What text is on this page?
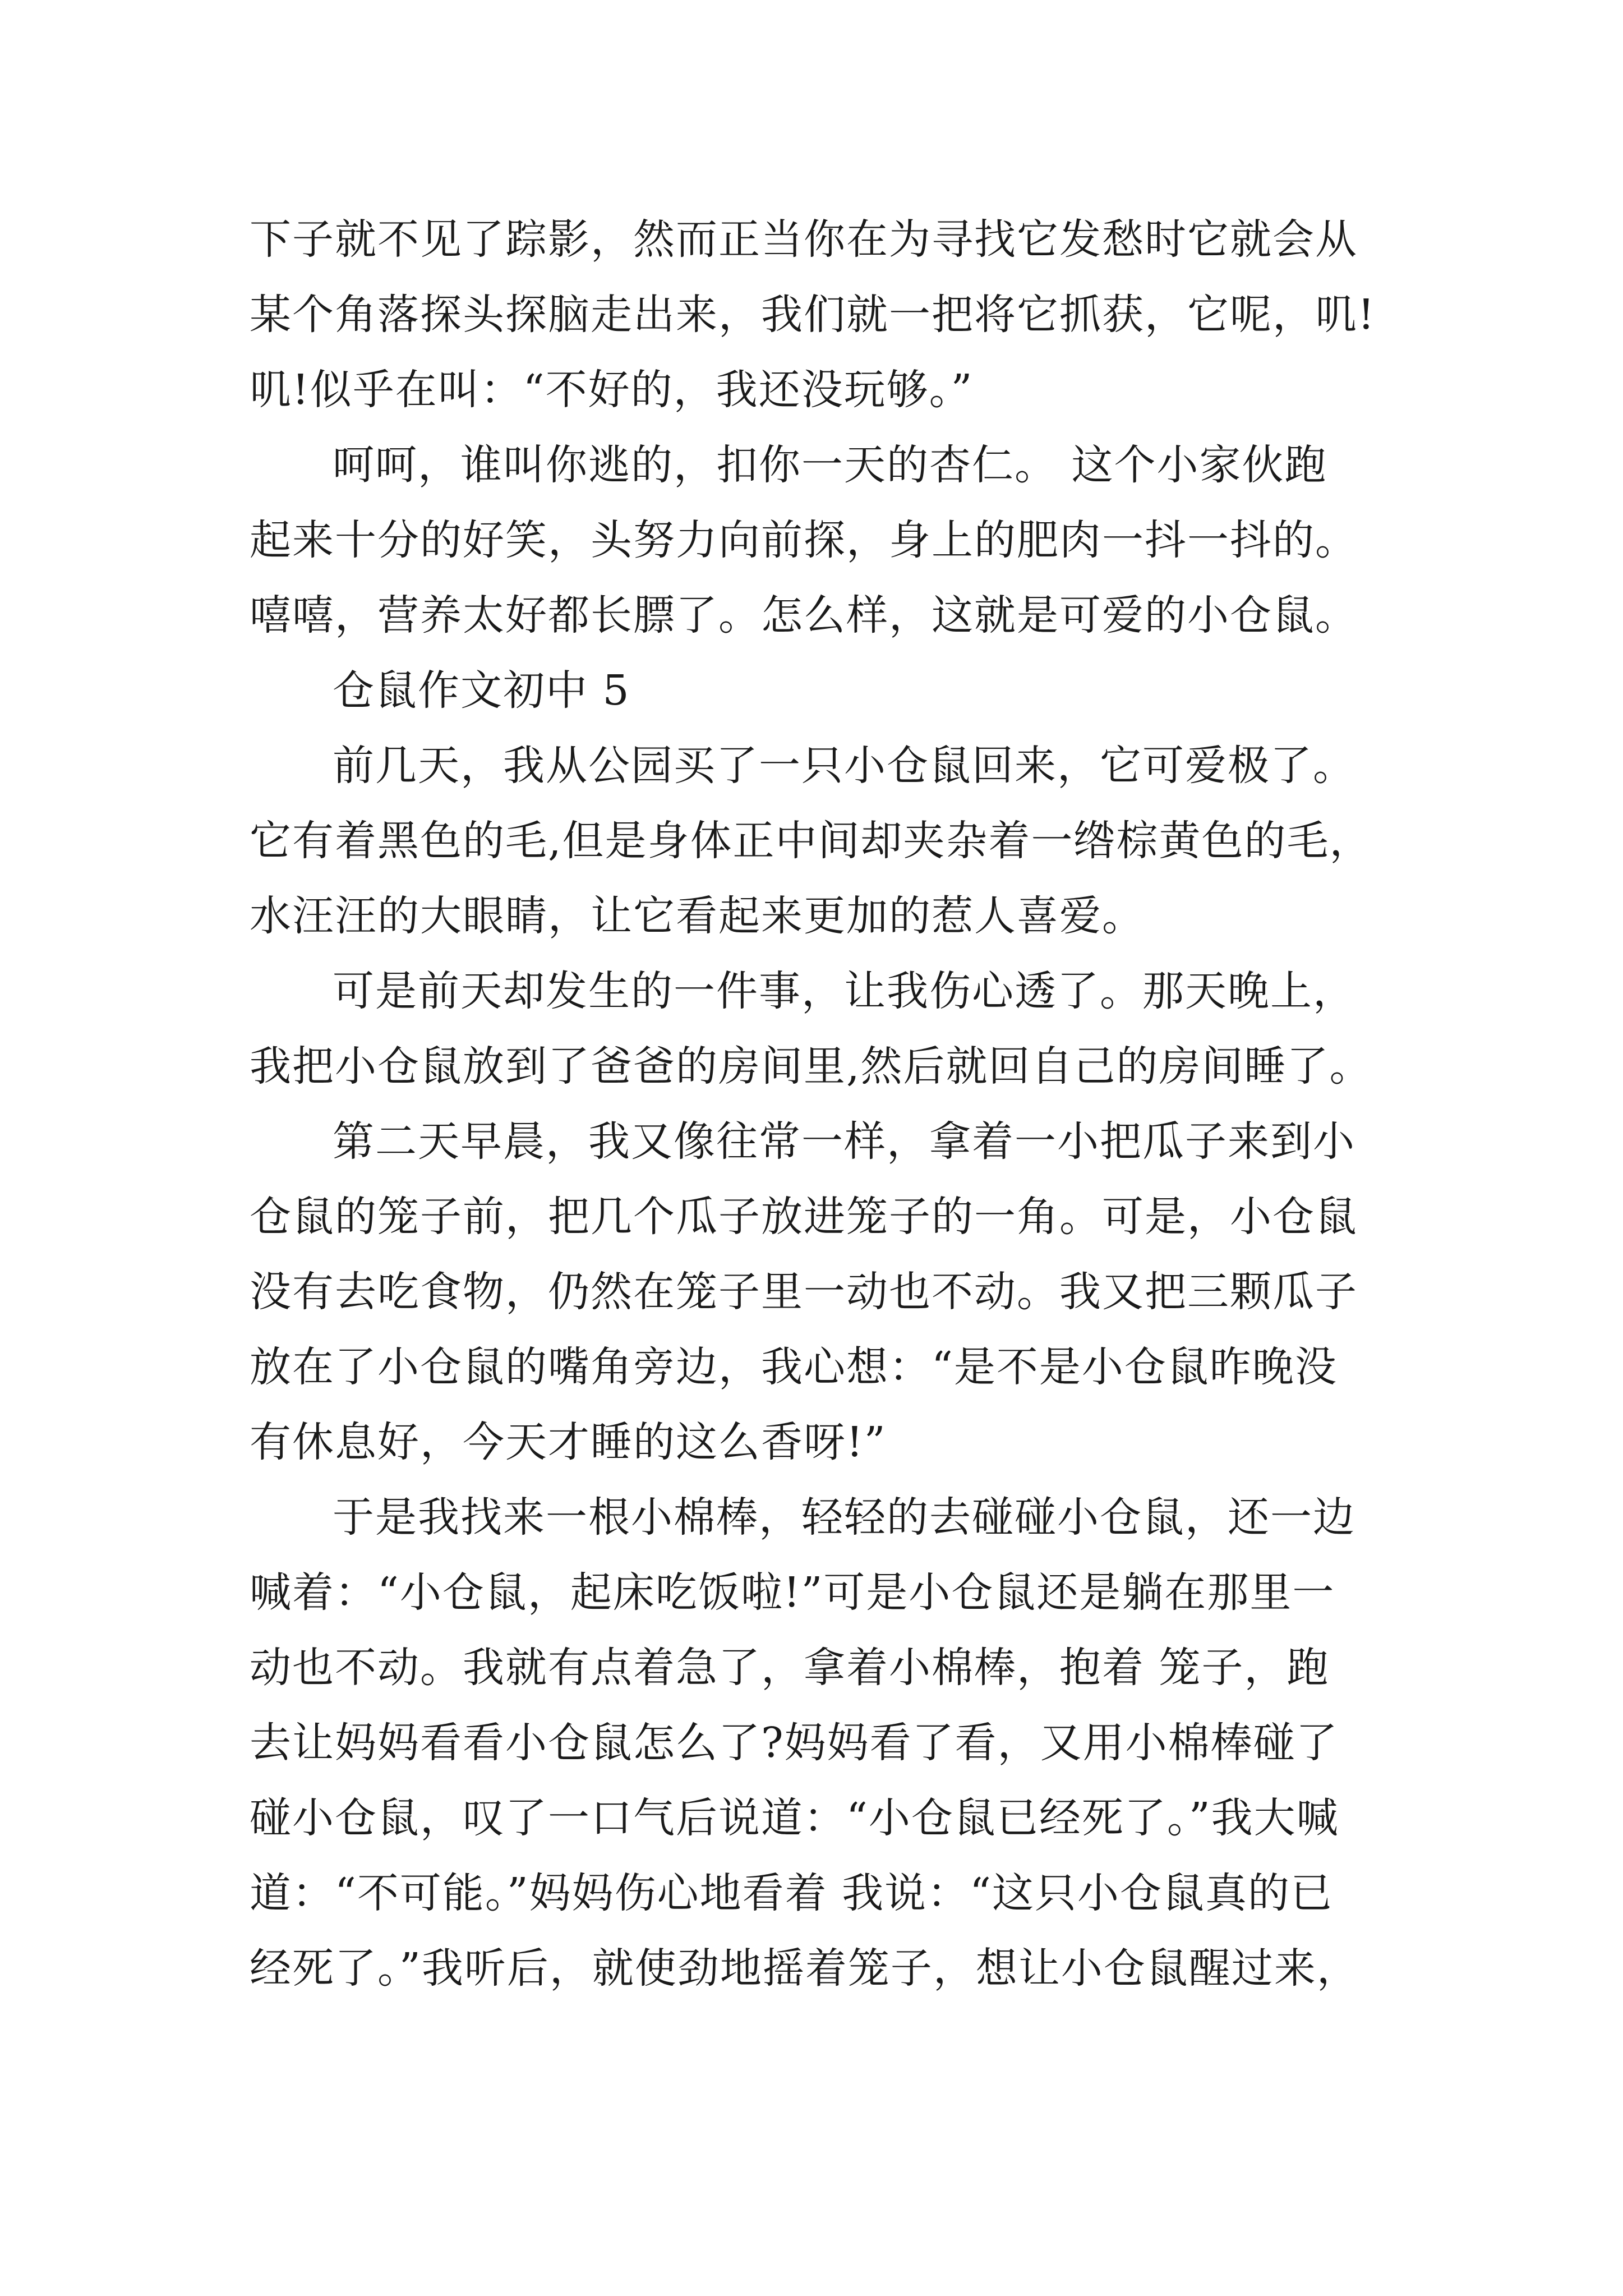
下子就不见了踪影，然而正当你在为寻找它发愁时它就会从
某个角落探头探脑走出来，我们就一把将它抓获，它呢，叽!
叽!似乎在叫：“不好的，我还没玩够。”
呵呵，谁叫你逃的，扣你一天的杏仁。 这个小家伙跑
起来十分的好笑，头努力向前探，身上的肥肉一抖一抖的。
嘻嘻，营养太好都长膘了。怎么样，这就是可爱的小仓鼠。
仓鼠作文初中 5
前几天，我从公园买了一只小仓鼠回来，它可爱极了。
它有着黑色的毛,但是身体正中间却夹杂着一绺棕黄色的毛，
水汪汪的大眼睛，让它看起来更加的惹人喜爱。
可是前天却发生的一件事，让我伤心透了。那天晚上，
我把小仓鼠放到了爸爸的房间里,然后就回自己的房间睡了。
第二天早晨，我又像往常一样，拿着一小把瓜子来到小
仓鼠的笼子前，把几个瓜子放进笼子的一角。可是，小仓鼠
没有去吃食物，仍然在笼子里一动也不动。我又把三颗瓜子
放在了小仓鼠的嘴角旁边，我心想：“是不是小仓鼠昨晚没
有休息好，今天才睡的这么香呀!”
于是我找来一根小棉棒，轻轻的去碰碰小仓鼠，还一边
喊着：“小仓鼠，起床吃饭啦!”可是小仓鼠还是躺在那里一
动也不动。我就有点着急了，拿着小棉棒，抱着 笼子，跑
去让妈妈看看小仓鼠怎么了?妈妈看了看，又用小棉棒碰了
碰小仓鼠，叹了一口气后说道：“小仓鼠已经死了。”我大喊
道：“不可能。”妈妈伤心地看着 我说：“这只小仓鼠真的已
经死了。”我听后，就使劲地摇着笼子，想让小仓鼠醒过来，
